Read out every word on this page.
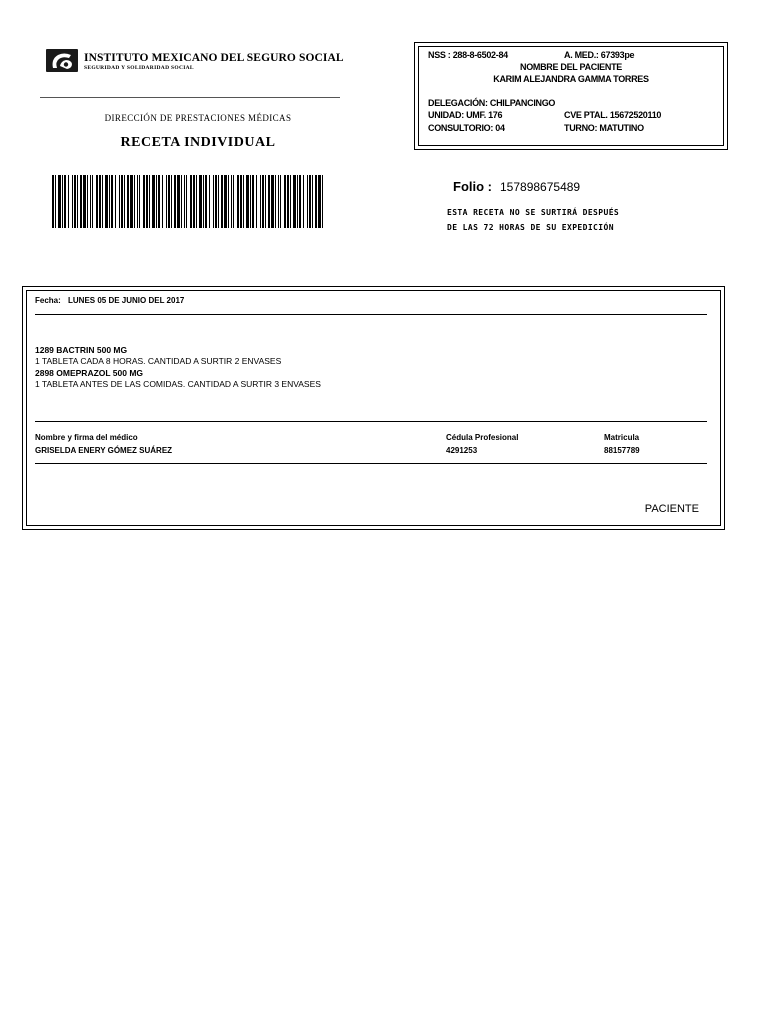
INSTITUTO MEXICANO DEL SEGURO SOCIAL
SEGURIDAD Y SOLIDARIDAD SOCIAL
DIRECCIÓN DE PRESTACIONES MÉDICAS
RECETA INDIVIDUAL
NSS : 288-8-6502-84	A. MED.: 67393pe
NOMBRE DEL PACIENTE
KARIM ALEJANDRA GAMMA TORRES
DELEGACIÓN: CHILPANCINGO
UNIDAD: UMF. 176	CVE PTAL. 15672520110
CONSULTORIO: 04	TURNO: MATUTINO
Folio : 157898675489
ESTA RECETA NO SE SURTIRÁ DESPUÉS
DE LAS 72 HORAS DE SU EXPEDICIÓN
Fecha: LUNES 05 DE JUNIO DEL 2017
1289 BACTRIN 500 MG
1 TABLETA CADA 8 HORAS. CANTIDAD A SURTIR 2 ENVASES
2898 OMEPRAZOL 500 MG
1 TABLETA ANTES DE LAS COMIDAS. CANTIDAD A SURTIR 3 ENVASES
Nombre y firma del médico	Cédula Profesional	Matricula
GRISELDA ENERY GÓMEZ SUÁREZ	4291253	88157789
PACIENTE
